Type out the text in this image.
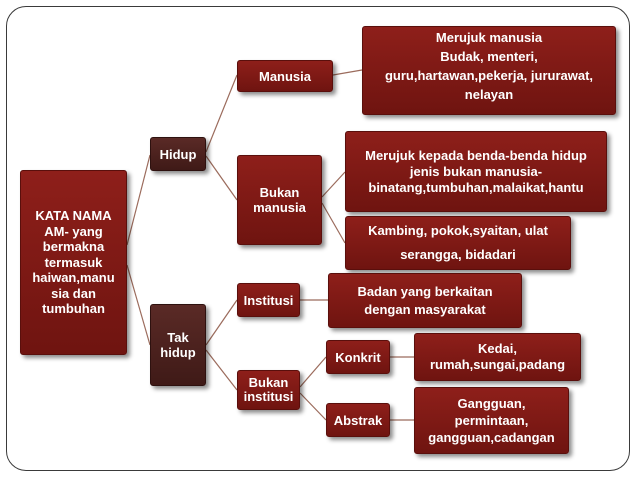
KATA NAMA
AM- yang
bermakna
termasuk
haiwan,manu
sia dan
tumbuhan
Hidup
Tak
hidup
Manusia
Bukan
manusia
Institusi
Bukan
institusi
Merujuk manusia
Budak, menteri,
guru,hartawan,pekerja, jururawat,
nelayan
Merujuk kepada benda-benda hidup
jenis bukan manusia-
binatang,tumbuhan,malaikat,hantu
Kambing, pokok,syaitan, ulat
serangga, bidadari
Badan yang berkaitan
dengan masyarakat
Konkrit
Abstrak
Kedai,
rumah,sungai,padang
Gangguan,
permintaan,
gangguan,cadangan
